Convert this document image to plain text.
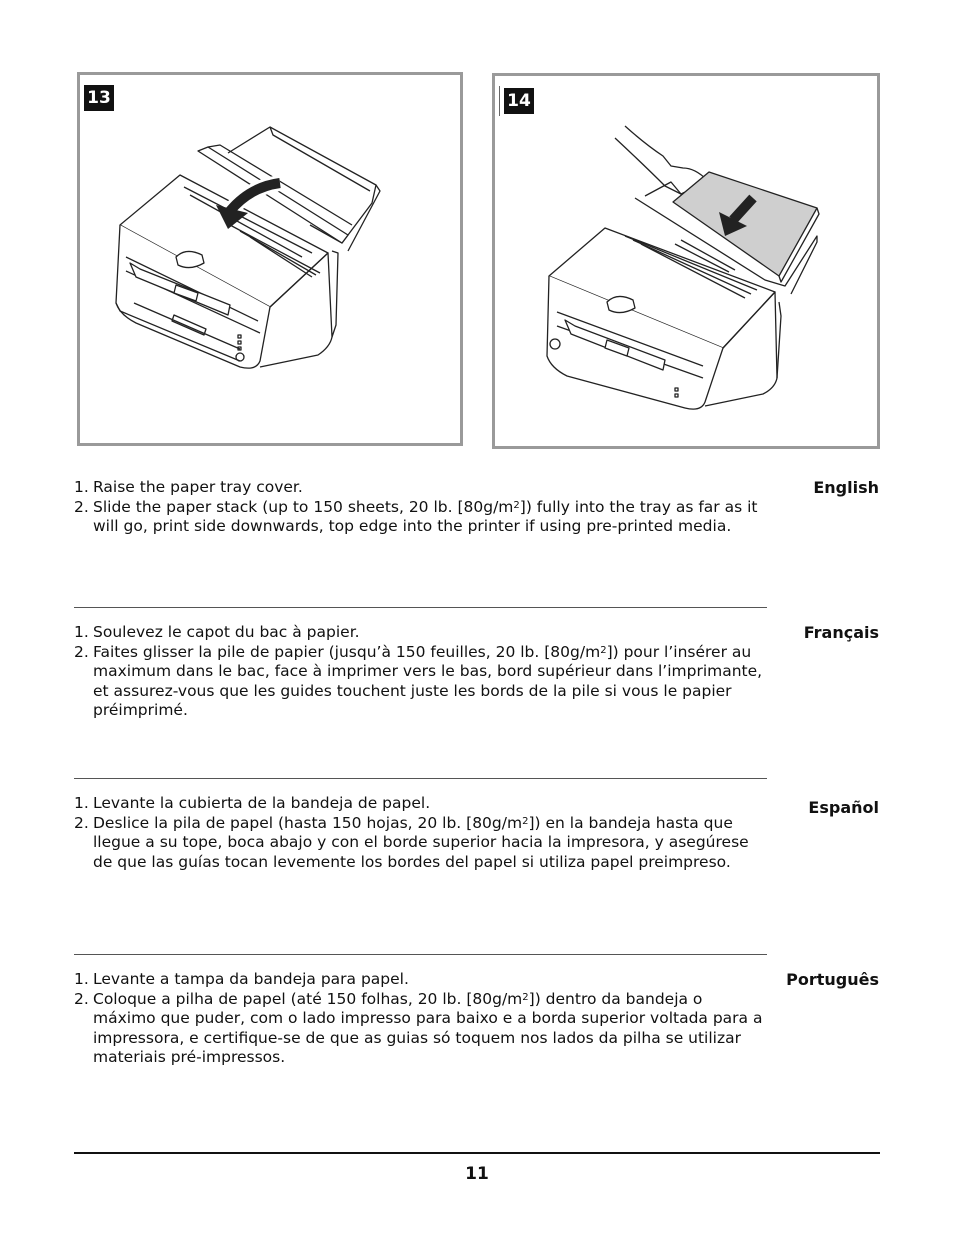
13	14
1. Raise the paper tray cover.
2. Slide the paper stack (up to 150 sheets, 20 lb. $[80g/m^2]$) fully into the tray as far as it will go, print side downwards, top edge into the printer if using pre-printed media.
English
1. Soulevez le capot du bac à papier.
2. Faites glisser la pile de papier (jusqu’à 150 feuilles, 20 lb. $[80g/m^2]$) pour l’insérer au maximum dans le bac, face à imprimer vers le bas, bord supérieur dans l’imprimante, et assurez-vous que les guides touchent juste les bords de la pile si vous le papier préimprimé.
Français
1. Levante la cubierta de la bandeja de papel.
2. Deslice la pila de papel (hasta 150 hojas, 20 lb. $[80g/m^2]$) en la bandeja hasta que llegue a su tope, boca abajo y con el borde superior hacia la impresora, y asegúrese de que las guías tocan levemente los bordes del papel si utiliza papel preimpreso.
Español
1. Levante a tampa da bandeja para papel.
2. Coloque a pilha de papel (até 150 folhas, 20 lb. $[80g/m^2]$) dentro da bandeja o máximo que puder, com o lado impresso para baixo e a borda superior voltada para a impressora, e certifique-se de que as guias só toquem nos lados da pilha se utilizar materiais pré-impressos.
Português
11
